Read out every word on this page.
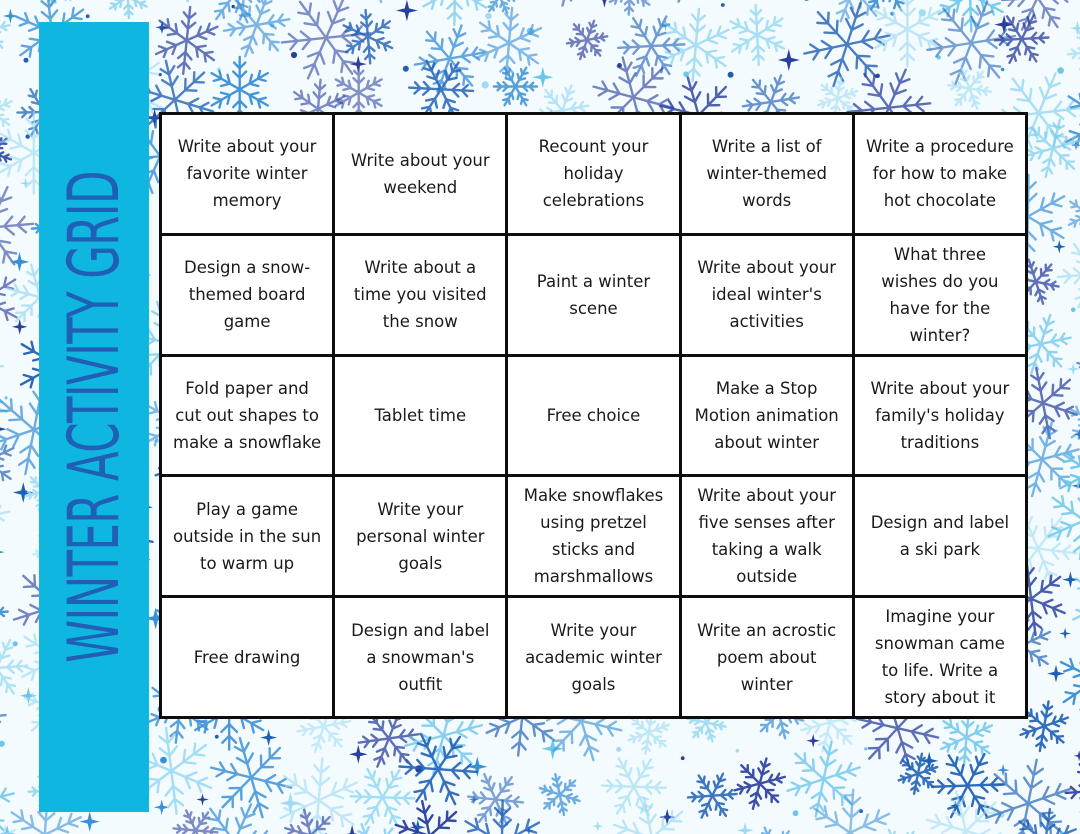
WINTER ACTIVITY GRID
Write about your favorite winter memory
Write about your weekend
Recount your holiday celebrations
Write a list of winter-themed words
Write a procedure for how to make hot chocolate
Design a snow-themed board game
Write about a time you visited the snow
Paint a winter scene
Write about your ideal winter's activities
What three wishes do you have for the winter?
Fold paper and cut out shapes to make a snowflake
Tablet time	Free choice
Make a Stop Motion animation about winter
Write about your family's holiday traditions
Play a game outside in the sun to warm up
Write your personal winter goals
Make snowflakes using pretzel sticks and marshmallows
Write about your five senses after taking a walk outside
Design and label a ski park
Free drawing
Design and label a snowman's outfit
Write your academic winter goals
Write an acrostic poem about winter
Imagine your snowman came to life. Write a story about it
